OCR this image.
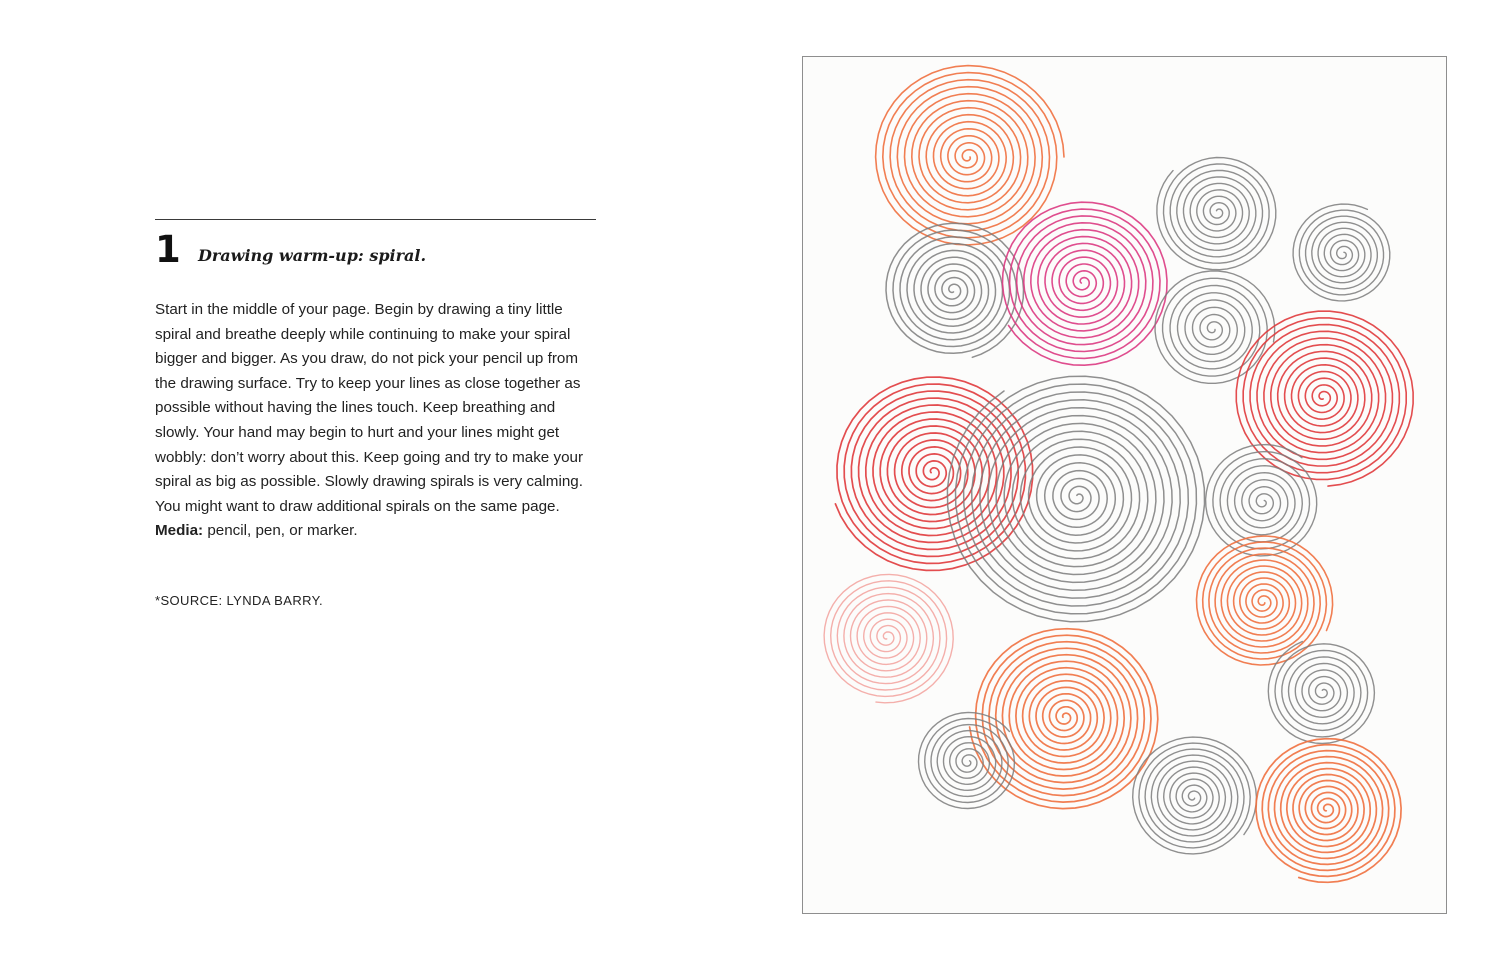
1 Drawing warm-up: spiral.

Start in the middle of your page. Begin by drawing a tiny little spiral and breathe deeply while continuing to make your spiral bigger and bigger. As you draw, do not pick your pencil up from the drawing surface. Try to keep your lines as close together as possible without having the lines touch. Keep breathing and slowly. Your hand may begin to hurt and your lines might get wobbly: don’t worry about this. Keep going and try to make your spiral as big as possible. Slowly drawing spirals is very calming. You might want to draw additional spirals on the same page. Media: pencil, pen, or marker.

*SOURCE: LYNDA BARRY.
